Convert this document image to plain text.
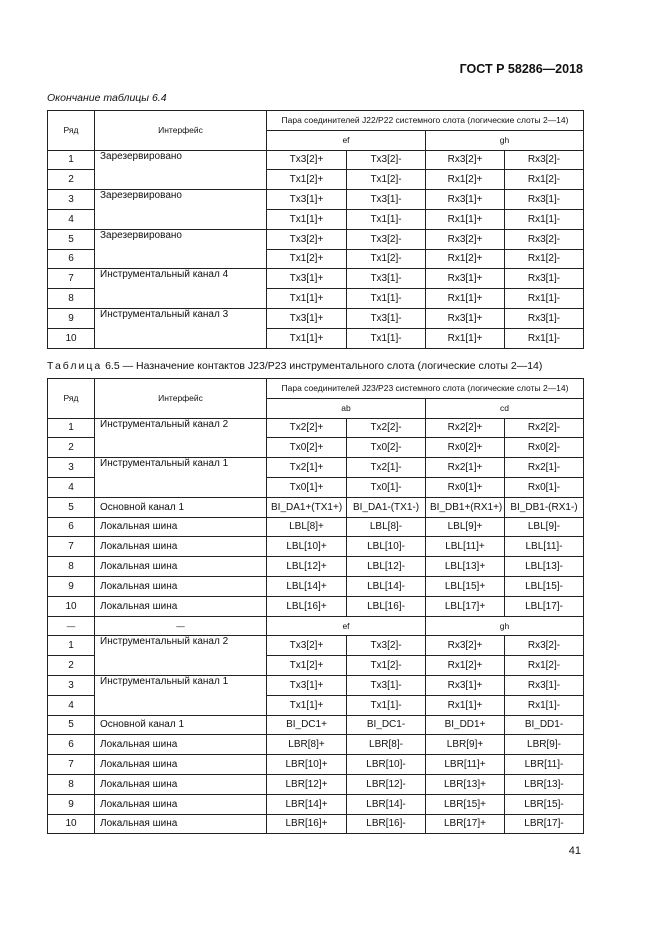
ГОСТ Р 58286—2018
Окончание таблицы 6.4
Ряд	Интерфейс	Пара соединителей J22/P22 системного слота (логические слоты 2—14)			
		ef		gh	
1	Зарезервировано	Tx3[2]+	Tx3[2]-	Rx3[2]+	Rx3[2]-
2		Tx1[2]+	Tx1[2]-	Rx1[2]+	Rx1[2]-
3	Зарезервировано	Tx3[1]+	Tx3[1]-	Rx3[1]+	Rx3[1]-
4		Tx1[1]+	Tx1[1]-	Rx1[1]+	Rx1[1]-
5	Зарезервировано	Tx3[2]+	Tx3[2]-	Rx3[2]+	Rx3[2]-
6		Tx1[2]+	Tx1[2]-	Rx1[2]+	Rx1[2]-
7	Инструментальный канал 4	Tx3[1]+	Tx3[1]-	Rx3[1]+	Rx3[1]-
8		Tx1[1]+	Tx1[1]-	Rx1[1]+	Rx1[1]-
9	Инструментальный канал 3	Tx3[1]+	Tx3[1]-	Rx3[1]+	Rx3[1]-
10		Tx1[1]+	Tx1[1]-	Rx1[1]+	Rx1[1]-
Таблица 6.5 — Назначение контактов J23/P23 инструментального слота (логические слоты 2—14)
Ряд	Интерфейс	Пара соединителей J23/P23 системного слота (логические слоты 2—14)			
		ab		cd	
1	Инструментальный канал 2	Tx2[2]+	Tx2[2]-	Rx2[2]+	Rx2[2]-
2		Tx0[2]+	Tx0[2]-	Rx0[2]+	Rx0[2]-
3	Инструментальный канал 1	Tx2[1]+	Tx2[1]-	Rx2[1]+	Rx2[1]-
4		Tx0[1]+	Tx0[1]-	Rx0[1]+	Rx0[1]-
5	Основной канал 1	BI_DA1+(TX1+)	BI_DA1-(TX1-)	BI_DB1+(RX1+)	BI_DB1-(RX1-)
6	Локальная шина	LBL[8]+	LBL[8]-	LBL[9]+	LBL[9]-
7	Локальная шина	LBL[10]+	LBL[10]-	LBL[11]+	LBL[11]-
8	Локальная шина	LBL[12]+	LBL[12]-	LBL[13]+	LBL[13]-
9	Локальная шина	LBL[14]+	LBL[14]-	LBL[15]+	LBL[15]-
10	Локальная шина	LBL[16]+	LBL[16]-	LBL[17]+	LBL[17]-
—	—	ef		gh	
1	Инструментальный канал 2	Tx3[2]+	Tx3[2]-	Rx3[2]+	Rx3[2]-
2		Tx1[2]+	Tx1[2]-	Rx1[2]+	Rx1[2]-
3	Инструментальный канал 1	Tx3[1]+	Tx3[1]-	Rx3[1]+	Rx3[1]-
4		Tx1[1]+	Tx1[1]-	Rx1[1]+	Rx1[1]-
5	Основной канал 1	BI_DC1+	BI_DC1-	BI_DD1+	BI_DD1-
6	Локальная шина	LBR[8]+	LBR[8]-	LBR[9]+	LBR[9]-
7	Локальная шина	LBR[10]+	LBR[10]-	LBR[11]+	LBR[11]-
8	Локальная шина	LBR[12]+	LBR[12]-	LBR[13]+	LBR[13]-
9	Локальная шина	LBR[14]+	LBR[14]-	LBR[15]+	LBR[15]-
10	Локальная шина	LBR[16]+	LBR[16]-	LBR[17]+	LBR[17]-
41
